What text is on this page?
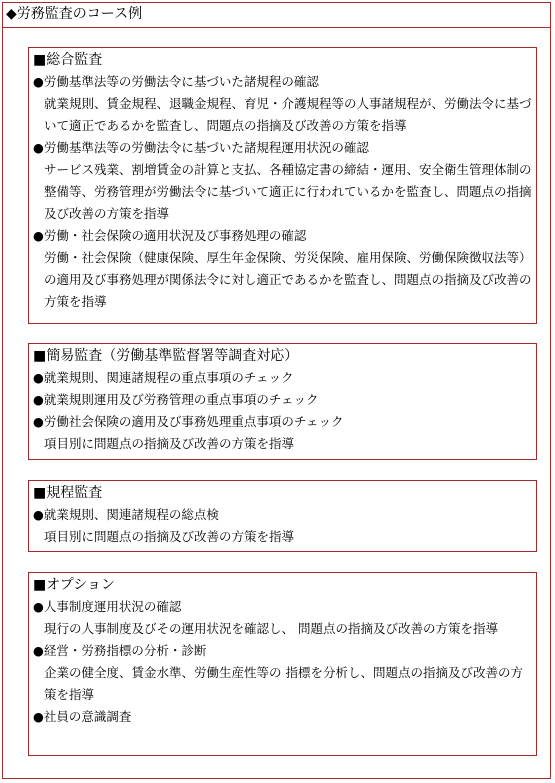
◆労務監査のコース例
■総合監査
●労働基準法等の労働法令に基づいた諸規程の確認
就業規則、賃金規程、退職金規程、育児・介護規程等の人事諸規程が、労働法令に基づいて適正であるかを監査し、問題点の指摘及び改善の方策を指導
●労働基準法等の労働法令に基づいた諸規程運用状況の確認
サービス残業、割増賃金の計算と支払、各種協定書の締結・運用、安全衛生管理体制の整備等、労務管理が労働法令に基づいて適正に行われているかを監査し、問題点の指摘及び改善の方策を指導
●労働・社会保険の適用状況及び事務処理の確認
労働・社会保険（健康保険、厚生年金保険、労災保険、雇用保険、労働保険徴収法等）の適用及び事務処理が関係法令に対し適正であるかを監査し、問題点の指摘及び改善の方策を指導
■簡易監査（労働基準監督署等調査対応）
●就業規則、関連諸規程の重点事項のチェック
●就業規則運用及び労務管理の重点事項のチェック
●労働社会保険の適用及び事務処理重点事項のチェック
項目別に問題点の指摘及び改善の方策を指導
■規程監査
●就業規則、関連諸規程の総点検
項目別に問題点の指摘及び改善の方策を指導
■オプション
●人事制度運用状況の確認
現行の人事制度及びその運用状況を確認し、 問題点の指摘及び改善の方策を指導
●経営・労務指標の分析・診断
企業の健全度、賃金水準、労働生産性等の 指標を分析し、問題点の指摘及び改善の方策を指導
●社員の意識調査
